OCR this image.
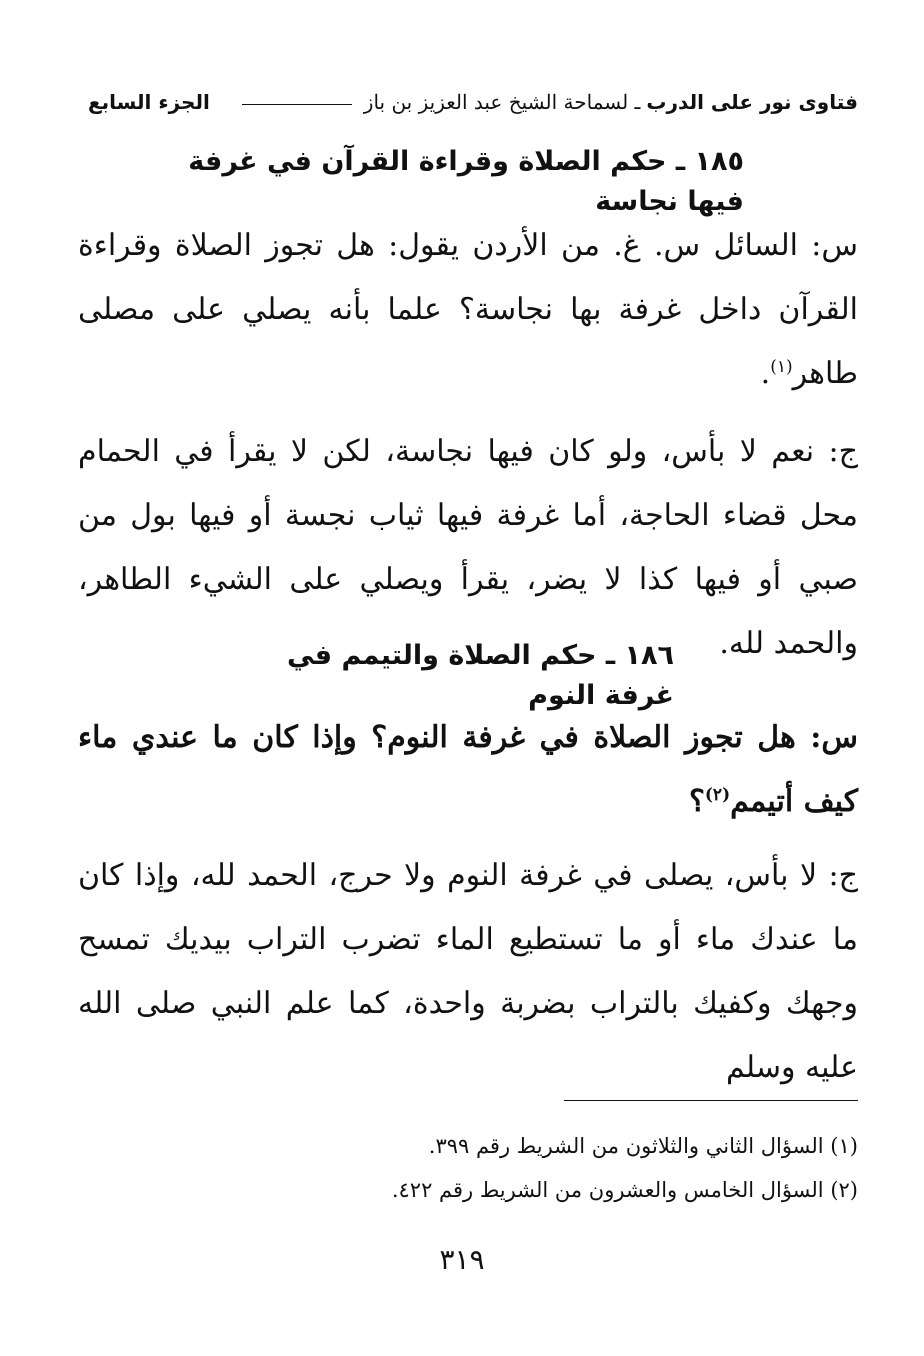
فتاوى نور على الدرب
ـ لسماحة الشيخ عبد العزيز بن باز
الجزء السابع
١٨٥ ـ حكم الصلاة وقراءة القرآن في غرفة فيها نجاسة

س: السائل س. غ. من الأردن يقول: هل تجوز الصلاة وقراءة القرآن داخل غرفة بها نجاسة؟ علما بأنه يصلي على مصلى طاهر$^{(١)}$.

ج: نعم لا بأس، ولو كان فيها نجاسة، لكن لا يقرأ في الحمام محل قضاء الحاجة، أما غرفة فيها ثياب نجسة أو فيها بول من صبي أو فيها كذا لا يضر، يقرأ ويصلي على الشيء الطاهر، والحمد لله.

١٨٦ ـ حكم الصلاة والتيمم في غرفة النوم

س: هل تجوز الصلاة في غرفة النوم؟ وإذا كان ما عندي ماء كيف أتيمم$^{(٢)}$؟

ج: لا بأس، يصلى في غرفة النوم ولا حرج، الحمد لله، وإذا كان ما عندك ماء أو ما تستطيع الماء تضرب التراب بيديك تمسح وجهك وكفيك بالتراب بضربة واحدة، كما علم النبي صلى الله عليه وسلم

(١) السؤال الثاني والثلاثون من الشريط رقم ٣٩٩.
(٢) السؤال الخامس والعشرون من الشريط رقم ٤٢٢.
٣١٩
